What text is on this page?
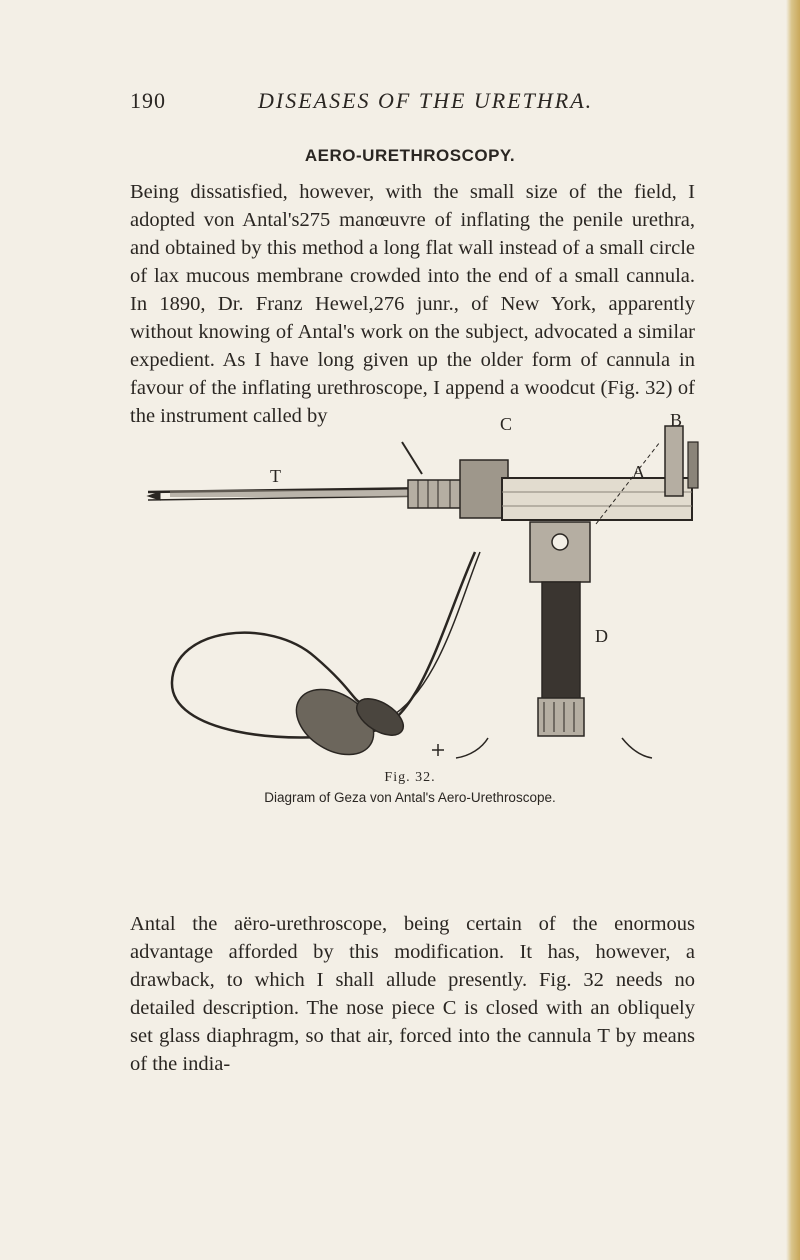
190	DISEASES OF THE URETHRA.
AERO-URETHROSCOPY.

Being dissatisfied, however, with the small size of the field, I adopted von Antal's275 manœuvre of inflating the penile urethra, and obtained by this method a long flat wall instead of a small circle of lax mucous membrane crowded into the end of a small cannula. In 1890, Dr. Franz Hewel,276 junr., of New York, apparently without knowing of Antal's work on the subject, advocated a similar expedient. As I have long given up the older form of cannula in favour of the inflating urethroscope, I append a woodcut (Fig. 32) of the instrument called by

T
C
A
B
D

Fig. 32.

Diagram of Geza von Antal's Aero-Urethroscope.

Antal the aëro-urethroscope, being certain of the enormous advantage afforded by this modification. It has, however, a drawback, to which I shall allude presently. Fig. 32 needs no detailed description. The nose piece C is closed with an obliquely set glass diaphragm, so that air, forced into the cannula T by means of the india-
